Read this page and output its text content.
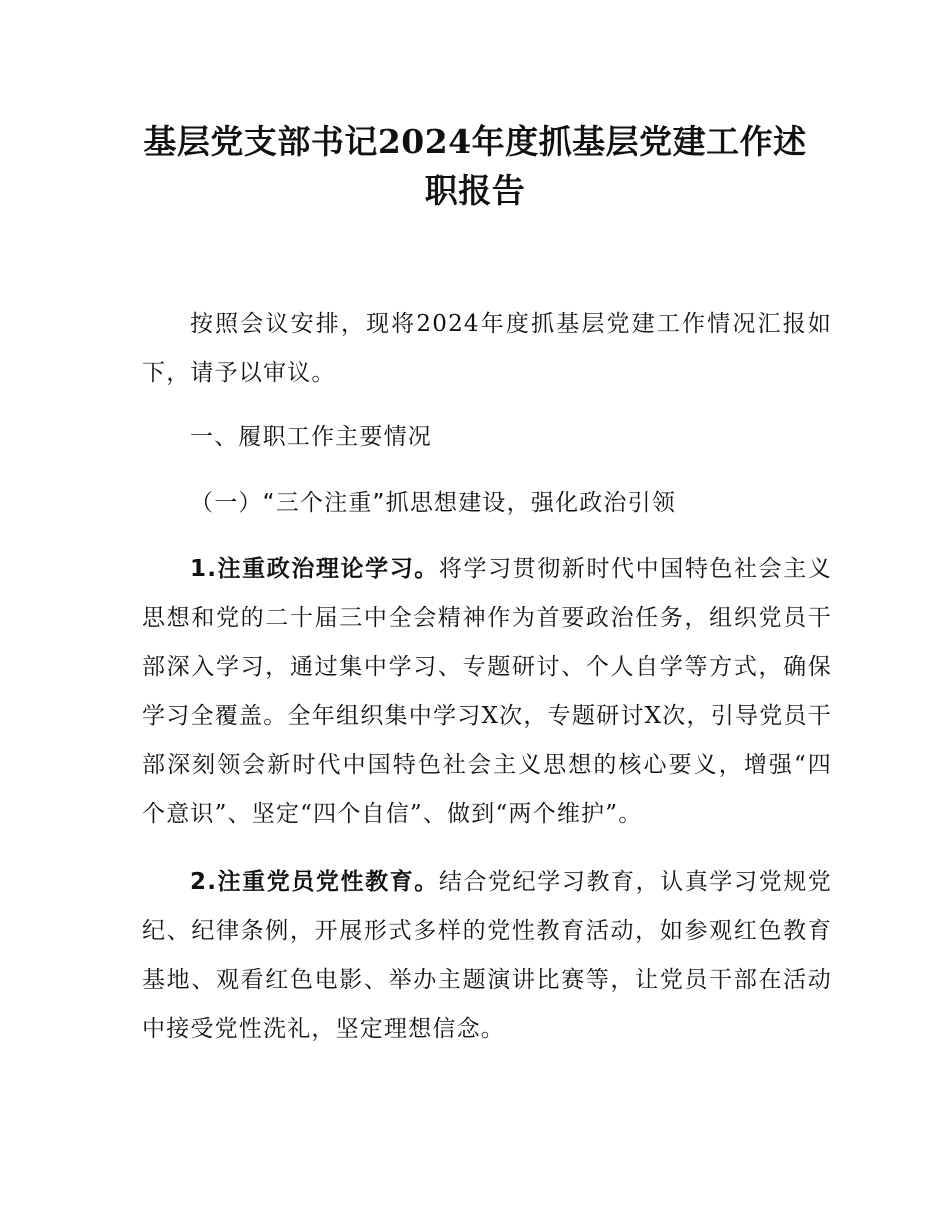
基层党支部书记2024年度抓基层党建工作述
职报告

按照会议安排，现将2024年度抓基层党建工作情况汇报如下，请予以审议。

一、履职工作主要情况
（一）“三个注重”抓思想建设，强化政治引领

1.注重政治理论学习。将学习贯彻新时代中国特色社会主义思想和党的二十届三中全会精神作为首要政治任务，组织党员干部深入学习，通过集中学习、专题研讨、个人自学等方式，确保学习全覆盖。全年组织集中学习X次，专题研讨X次，引导党员干部深刻领会新时代中国特色社会主义思想的核心要义，增强“四个意识”、坚定“四个自信”、做到“两个维护”。

2.注重党员党性教育。结合党纪学习教育，认真学习党规党纪、纪律条例，开展形式多样的党性教育活动，如参观红色教育基地、观看红色电影、举办主题演讲比赛等，让党员干部在活动中接受党性洗礼，坚定理想信念。
